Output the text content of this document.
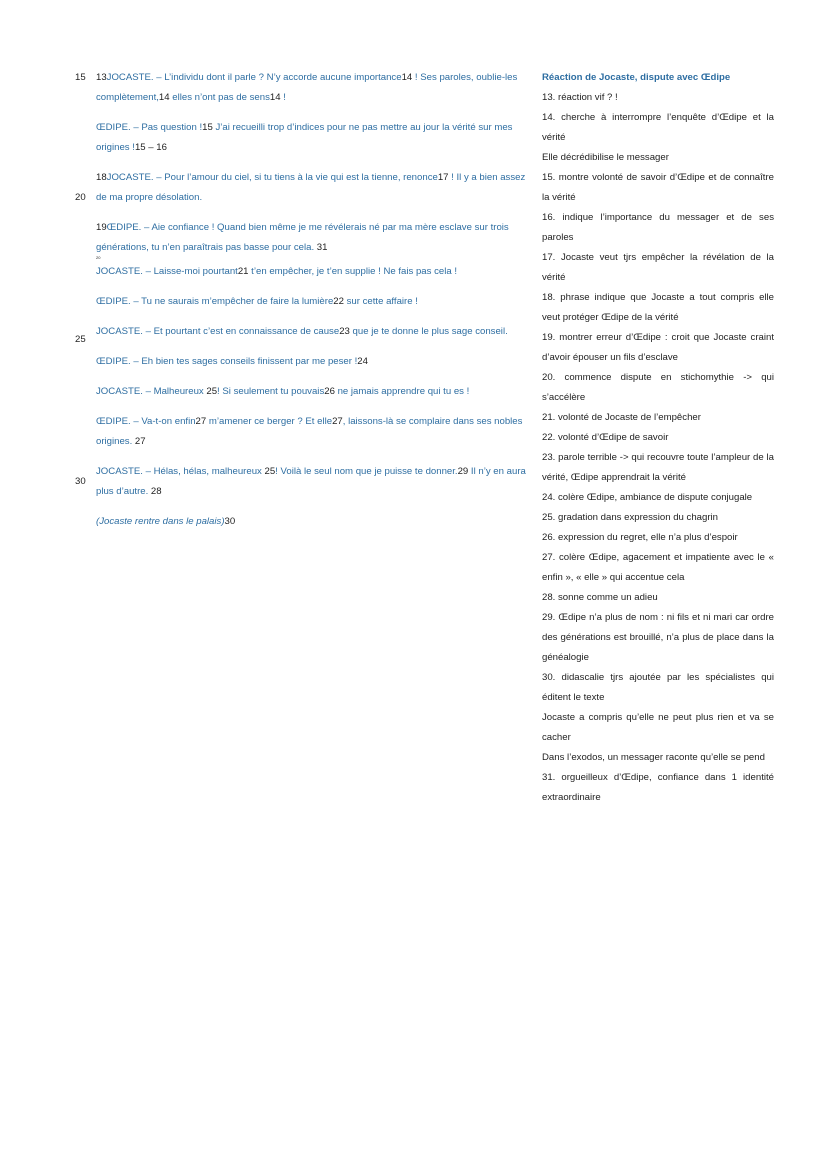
15
20
25
30

13JOCASTE. – L’individu dont il parle ? N’y accorde aucune importance14 ! Ses paroles, oublie-les complètement,14 elles n’ont pas de sens14 !

ŒDIPE. – Pas question !15 J’ai recueilli trop d’indices pour ne pas mettre au jour la vérité sur mes origines !15 – 16

18JOCASTE. – Pour l’amour du ciel, si tu tiens à la vie qui est la tienne, renonce17 ! Il y a bien assez de ma propre désolation.

19ŒDIPE. – Aie confiance ! Quand bien même je me révélerais né par ma mère esclave sur trois générations, tu n’en paraîtrais pas basse pour cela. 31

20

JOCASTE. – Laisse-moi pourtant21 t’en empêcher, je t’en supplie ! Ne fais pas cela !

ŒDIPE. – Tu ne saurais m’empêcher de faire la lumière22 sur cette affaire !

JOCASTE. – Et pourtant c’est en connaissance de cause23 que je te donne le plus sage conseil.

ŒDIPE. – Eh bien tes sages conseils finissent par me peser !24

JOCASTE. – Malheureux 25! Si seulement tu pouvais26 ne jamais apprendre qui tu es !

ŒDIPE. – Va-t-on enfin27 m’amener ce berger ? Et elle27, laissons-là se complaire dans ses nobles origines. 27

JOCASTE. – Hélas, hélas, malheureux 25! Voilà le seul nom que je puisse te donner.29 Il n’y en aura plus d’autre. 28

(Jocaste rentre dans le palais)30

Réaction de Jocaste, dispute avec Œdipe

13. réaction vif ? !

14. cherche à interrompre l’enquête d’Œdipe et la vérité

Elle décrédibilise le messager

15. montre volonté de savoir d’Œdipe et de connaître la vérité

16. indique l’importance du messager et de ses paroles

17. Jocaste veut tjrs empêcher la révélation de la vérité

18. phrase indique que Jocaste a tout compris elle veut protéger Œdipe de la vérité

19. montrer erreur d’Œdipe : croit que Jocaste craint d’avoir épouser un fils d’esclave

20. commence dispute en stichomythie -> qui s’accélère

21. volonté de Jocaste de l’empêcher

22. volonté d’Œdipe de savoir

23. parole terrible -> qui recouvre toute l’ampleur de la vérité, Œdipe apprendrait la vérité

24. colère Œdipe, ambiance de dispute conjugale

25. gradation dans expression du chagrin

26. expression du regret, elle n’a plus d’espoir

27. colère Œdipe, agacement et impatiente avec le « enfin », « elle » qui accentue cela

28. sonne comme un adieu

29. Œdipe n’a plus de nom : ni fils et ni mari car ordre des générations est brouillé, n’a plus de place dans la généalogie

30. didascalie tjrs ajoutée par les spécialistes qui éditent le texte

Jocaste a compris qu’elle ne peut plus rien et va se cacher

Dans l’exodos, un messager raconte qu’elle se pend

31. orgueilleux d’Œdipe, confiance dans 1 identité extraordinaire
